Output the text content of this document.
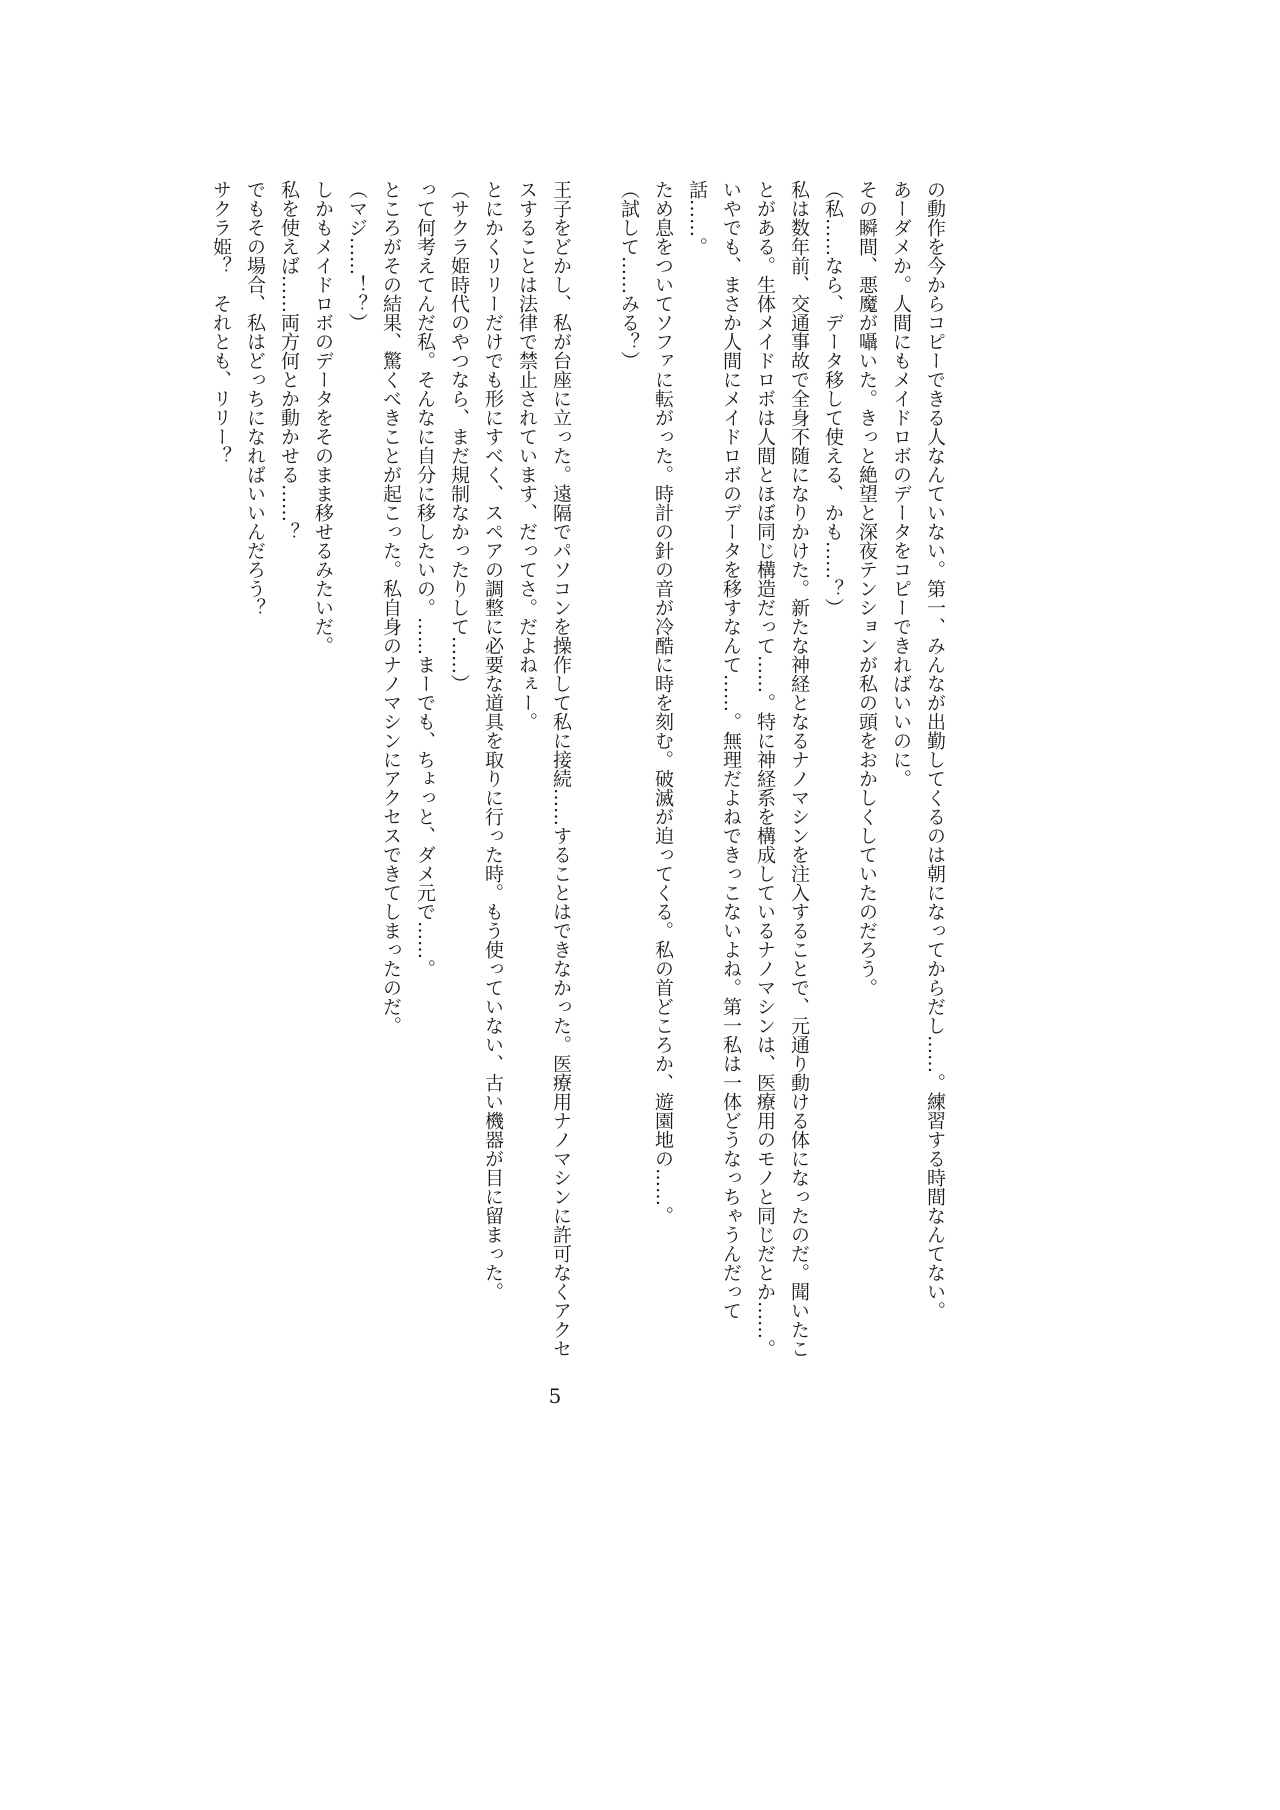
の動作を今からコピーできる人なんていない。第一、みんなが出勤してくるのは朝になってからだし……。練習する時間なんてない。

あーダメか。人間にもメイドロボのデータをコピーできればいいのに。

その瞬間、悪魔が囁いた。きっと絶望と深夜テンションが私の頭をおかしくしていたのだろう。

（私……なら、データ移して使える、かも……？）

私は数年前、交通事故で全身不随になりかけた。新たな神経となるナノマシンを注入することで、元通り動ける体になったのだ。聞いたことがある。生体メイドロボは人間とほぼ同じ構造だって……。特に神経系を構成しているナノマシンは、医療用のモノと同じだとか……。

いやでも、まさか人間にメイドロボのデータを移すなんて……。無理だよねできっこないよね。第一私は一体どうなっちゃうんだって話……。

ため息をついてソファに転がった。時計の針の音が冷酷に時を刻む。破滅が迫ってくる。私の首どころか、遊園地の……。

（試して……みる？）

王子をどかし、私が台座に立った。遠隔でパソコンを操作して私に接続……することはできなかった。医療用ナノマシンに許可なくアクセスすることは法律で禁止されています、だってさ。だよねぇー。

とにかくリリーだけでも形にすべく、スペアの調整に必要な道具を取りに行った時。もう使っていない、古い機器が目に留まった。

（サクラ姫時代のやつなら、まだ規制なかったりして……）

って何考えてんだ私。そんなに自分に移したいの。……まーでも、ちょっと、ダメ元で……。

ところがその結果、驚くべきことが起こった。私自身のナノマシンにアクセスできてしまったのだ。

（マジ……！？）

しかもメイドロボのデータをそのまま移せるみたいだ。

私を使えば……両方何とか動かせる……？

でもその場合、私はどっちになればいいんだろう？

サクラ姫？　それとも、リリー？

5
